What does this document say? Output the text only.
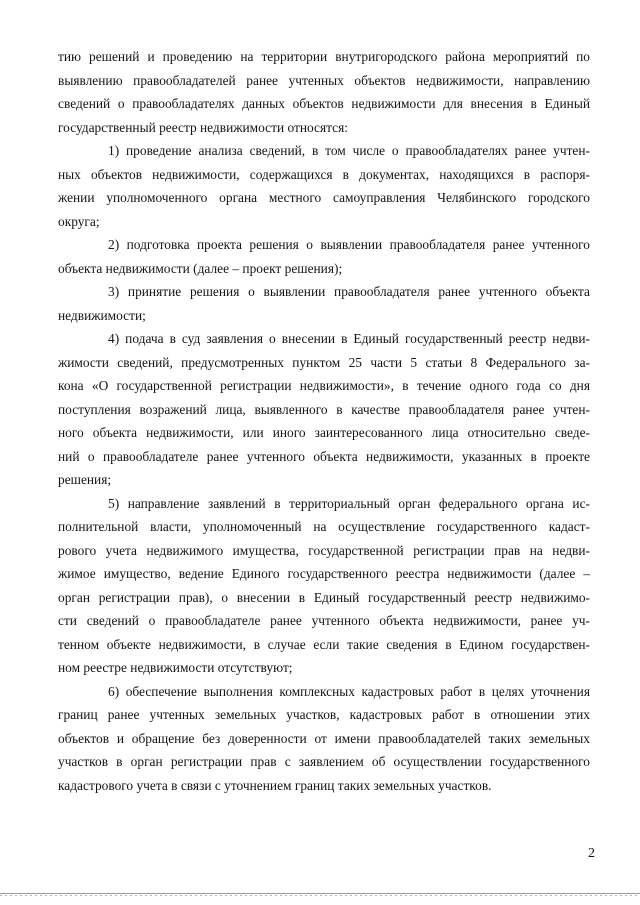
тию решений и проведению на территории внутригородского района мероприятий по
выявлению правообладателей ранее учтенных объектов недвижимости, направлению
сведений о правообладателях данных объектов недвижимости для внесения в Единый
государственный реестр недвижимости относятся:
1) проведение анализа сведений, в том числе о правообладателях ранее учтен-
ных объектов недвижимости, содержащихся в документах, находящихся в распоря-
жении уполномоченного органа местного самоуправления Челябинского городского
округа;
2) подготовка проекта решения о выявлении правообладателя ранее учтенного
объекта недвижимости (далее – проект решения);
3) принятие решения о выявлении правообладателя ранее учтенного объекта
недвижимости;
4) подача в суд заявления о внесении в Единый государственный реестр недви-
жимости сведений, предусмотренных пунктом 25 части 5 статьи 8 Федерального за-
кона «О государственной регистрации недвижимости», в течение одного года со дня
поступления возражений лица, выявленного в качестве правообладателя ранее учтен-
ного объекта недвижимости, или иного заинтересованного лица относительно сведе-
ний о правообладателе ранее учтенного объекта недвижимости, указанных в проекте
решения;
5) направление заявлений в территориальный орган федерального органа ис-
полнительной власти, уполномоченный на осуществление государственного кадаст-
рового учета недвижимого имущества, государственной регистрации прав на недви-
жимое имущество, ведение Единого государственного реестра недвижимости (далее –
орган регистрации прав), о внесении в Единый государственный реестр недвижимо-
сти сведений о правообладателе ранее учтенного объекта недвижимости, ранее уч-
тенном объекте недвижимости, в случае если такие сведения в Едином государствен-
ном реестре недвижимости отсутствуют;
6) обеспечение выполнения комплексных кадастровых работ в целях уточнения
границ ранее учтенных земельных участков, кадастровых работ в отношении этих
объектов и обращение без доверенности от имени правообладателей таких земельных
участков в орган регистрации прав с заявлением об осуществлении государственного
кадастрового учета в связи с уточнением границ таких земельных участков.
2
